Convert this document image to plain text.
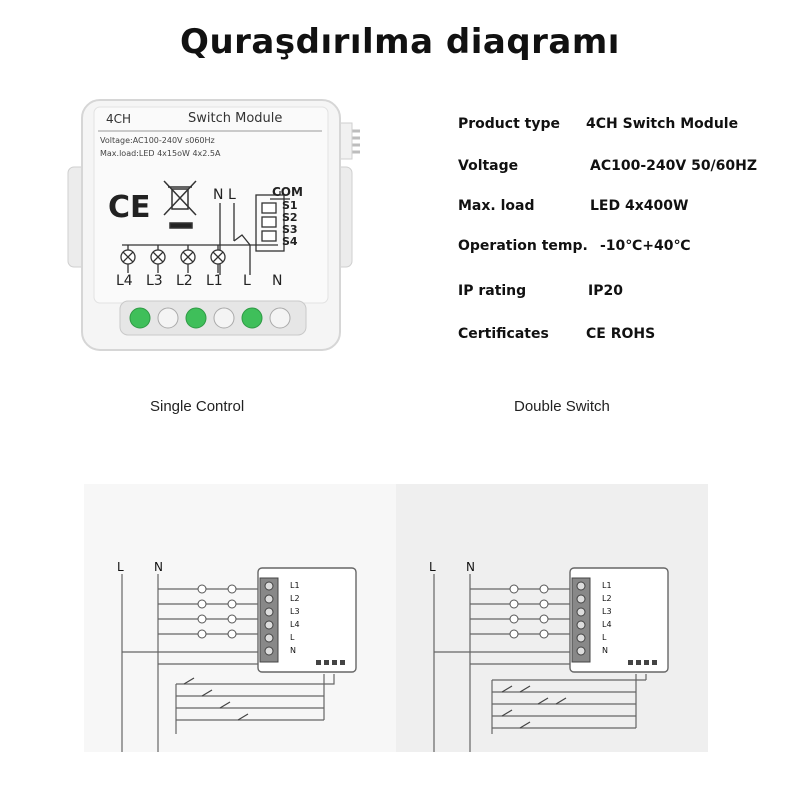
Quraşdırılma diaqramı
CE
4CH	Switch Module
Voltage:AC100-240V s060Hz
Max.load:LED 4x15oW 4x2.5A
N L	COM
S1
S2
S3
S4
L4 L3 L2 L1 L N
Product type 4CH Switch Module
Voltage	AC100-240V 50/60HZ
Max. load	LED 4x400W
Operation temp. -10℃+40℃
IP rating	IP20
Certificates	CE ROHS
Single Control	Double Switch
L	N
L1
L2
L3
L4
L
N
L	N
L1
L2
L3
L4
L
N
